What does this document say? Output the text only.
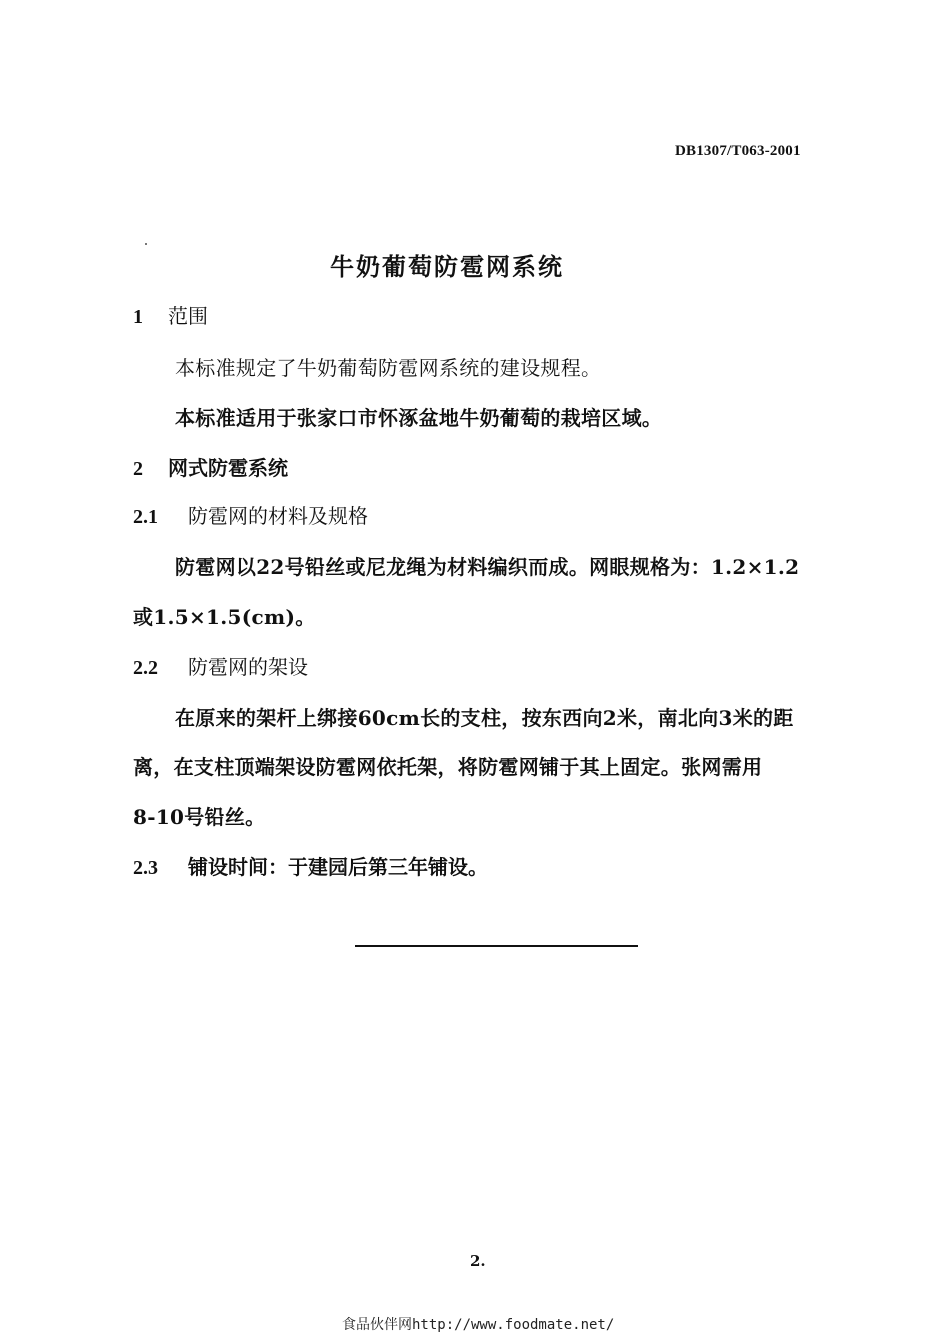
DB1307/T063-2001
牛奶葡萄防雹网系统
1 范围
本标准规定了牛奶葡萄防雹网系统的建设规程。
本标准适用于张家口市怀涿盆地牛奶葡萄的栽培区域。
2 网式防雹系统
2.1 防雹网的材料及规格
防雹网以22号铅丝或尼龙绳为材料编织而成。网眼规格为：1.2×1.2
或1.5×1.5(cm)。
2.2 防雹网的架设
在原来的架杆上绑接60cm长的支柱，按东西向2米，南北向3米的距
离，在支柱顶端架设防雹网依托架，将防雹网铺于其上固定。张网需用
8-10号铅丝。
2.3 铺设时间：于建园后第三年铺设。
2.
食品伙伴网http://www.foodmate.net/
